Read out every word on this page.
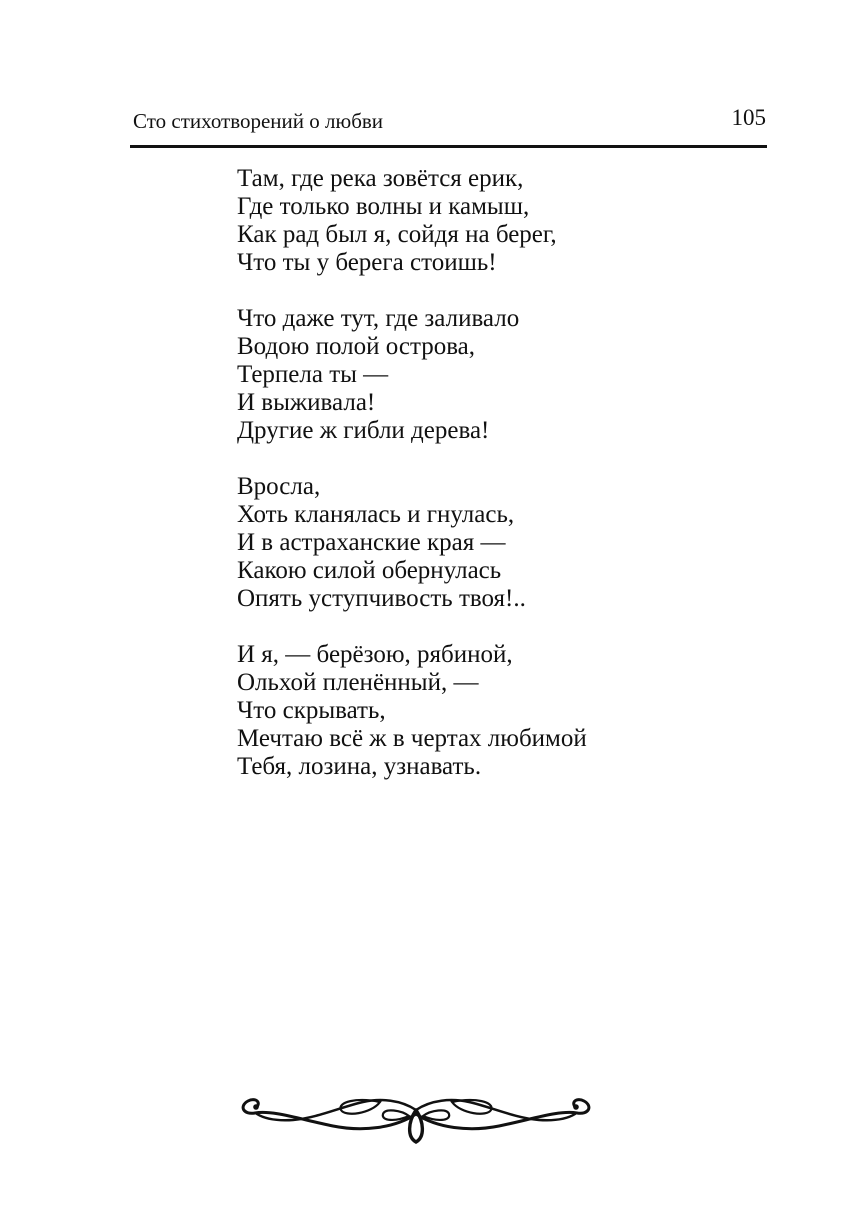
Сто стихотворений о любви	105

Там, где река зовётся ерик,

Где только волны и камыш,

Как рад был я, сойдя на берег,

Что ты у берега стоишь!

Что даже тут, где заливало

Водою полой острова,

Терпела ты —

И выживала!

Другие ж гибли дерева!

Вросла,

Хоть кланялась и гнулась,

И в астраханские края —

Какою силой обернулась

Опять уступчивость твоя!..

И я, — берёзою, рябиной,

Ольхой пленённый, —

Что скрывать,

Мечтаю всё ж в чертах любимой

Тебя, лозина, узнавать.
